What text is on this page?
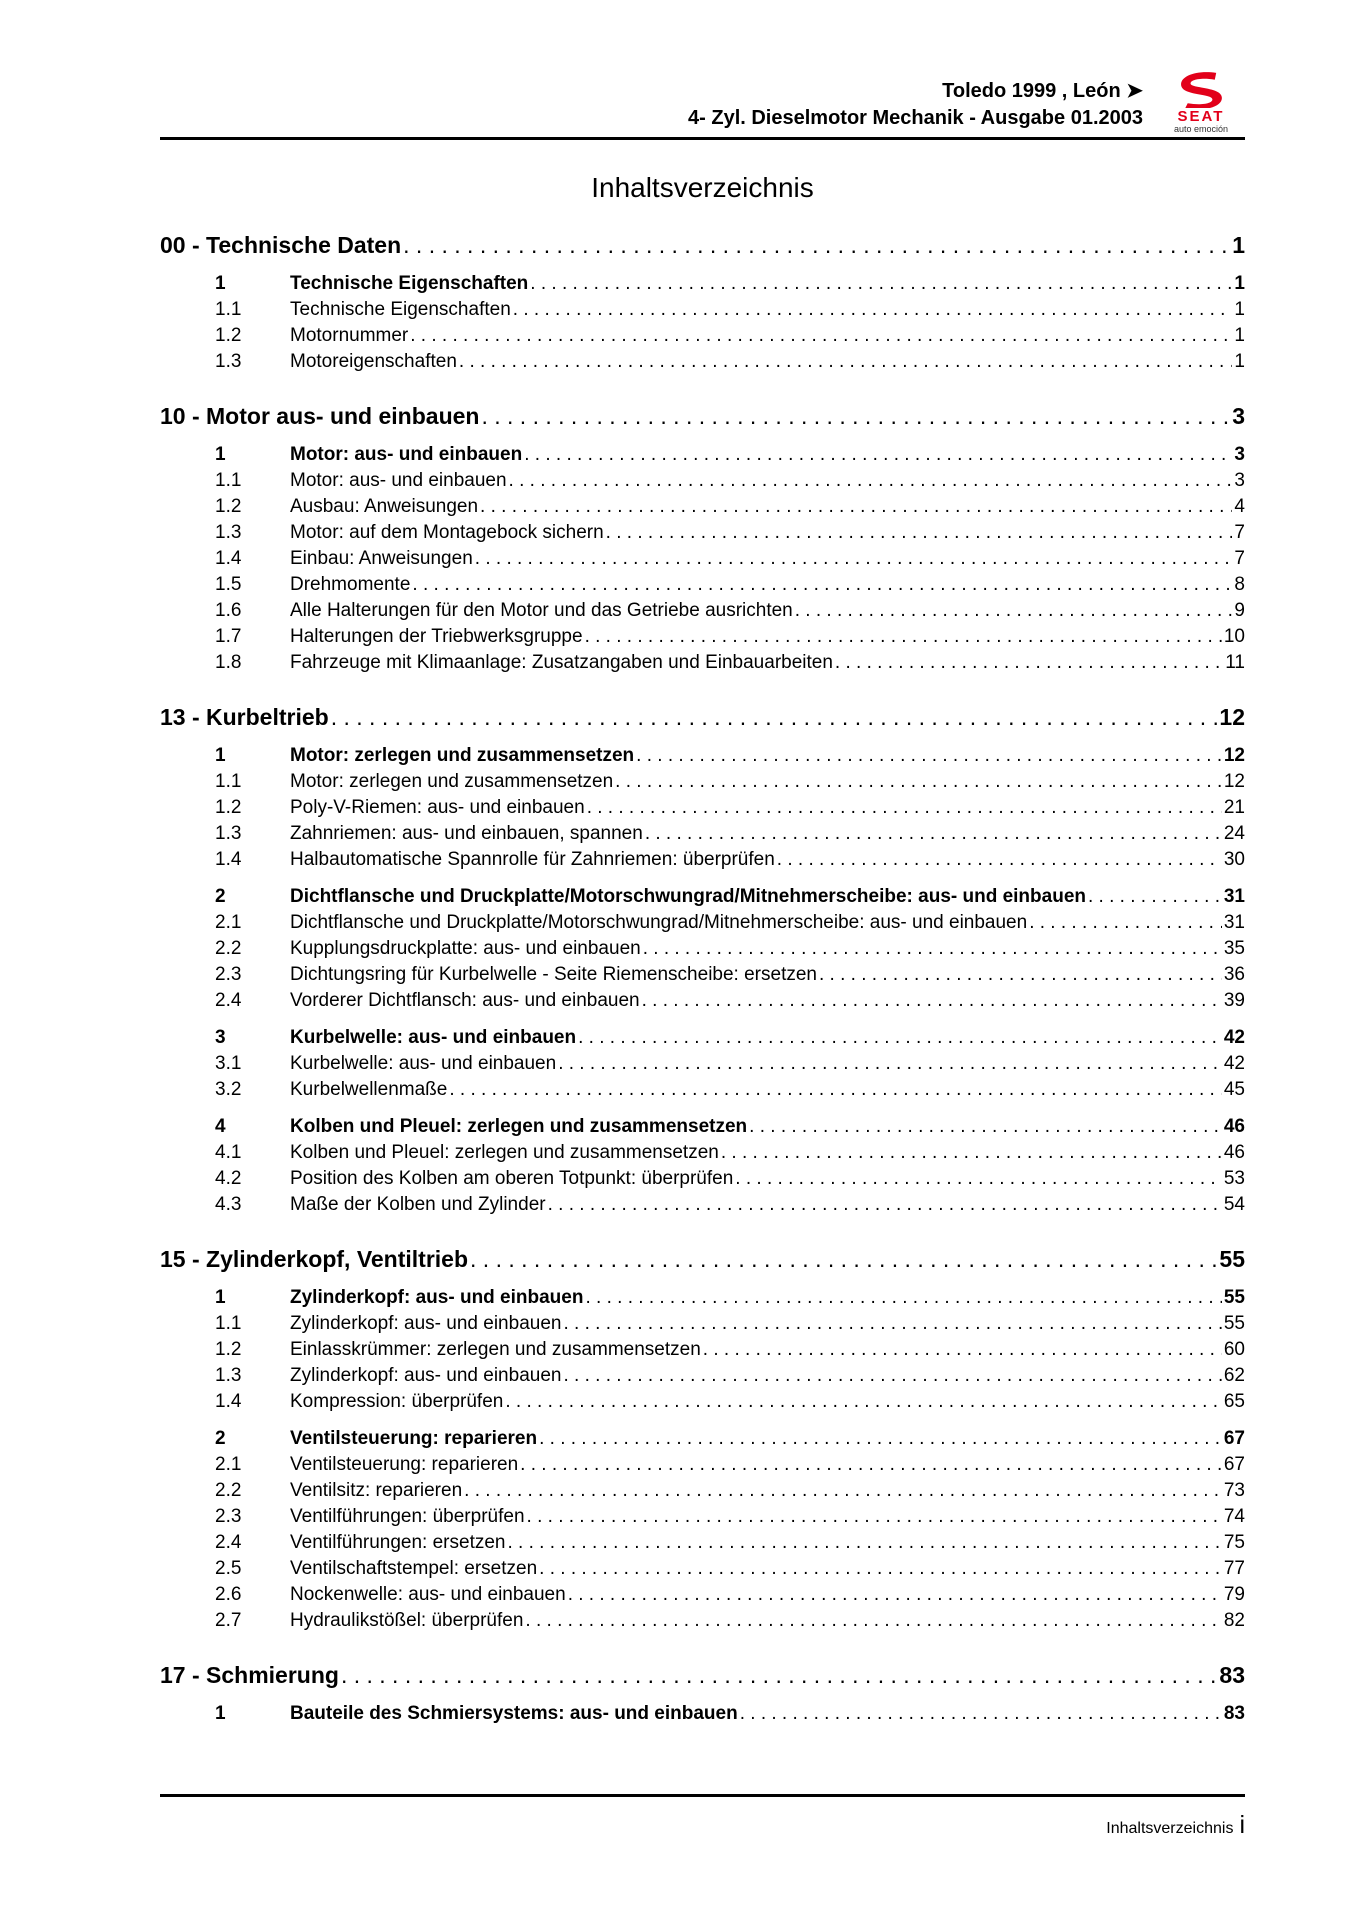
Toledo 1999 , León ➤
4- Zyl. Dieselmotor Mechanik - Ausgabe 01.2003	SEAT
auto emoción
Inhaltsverzeichnis
00 - Technische Daten . . .	1
1	Technische Eigenschaften . . .	1
1.1	Technische Eigenschaften . . .	1
1.2	Motornummer . . .	1
1.3	Motoreigenschaften . . .	1
10 - Motor aus- und einbauen . . .	3
1	Motor: aus- und einbauen . . .	3
1.1	Motor: aus- und einbauen . . .	3
1.2	Ausbau: Anweisungen . . .	4
1.3	Motor: auf dem Montagebock sichern . . .	7
1.4	Einbau: Anweisungen . . .	7
1.5	Drehmomente . . .	8
1.6	Alle Halterungen für den Motor und das Getriebe ausrichten . . .	9
1.7	Halterungen der Triebwerksgruppe . . .	10
1.8	Fahrzeuge mit Klimaanlage: Zusatzangaben und Einbauarbeiten . . .	11
13 - Kurbeltrieb . . .	12
1	Motor: zerlegen und zusammensetzen . . .	12
1.1	Motor: zerlegen und zusammensetzen . . .	12
1.2	Poly-V-Riemen: aus- und einbauen . . .	21
1.3	Zahnriemen: aus- und einbauen, spannen . . .	24
1.4	Halbautomatische Spannrolle für Zahnriemen: überprüfen . . .	30
2	Dichtflansche und Druckplatte/Motorschwungrad/Mitnehmerscheibe: aus- und einbauen . . .	31
2.1	Dichtflansche und Druckplatte/Motorschwungrad/Mitnehmerscheibe: aus- und einbauen . . .	31
2.2	Kupplungsdruckplatte: aus- und einbauen . . .	35
2.3	Dichtungsring für Kurbelwelle - Seite Riemenscheibe: ersetzen . . .	36
2.4	Vorderer Dichtflansch: aus- und einbauen . . .	39
3	Kurbelwelle: aus- und einbauen . . .	42
3.1	Kurbelwelle: aus- und einbauen . . .	42
3.2	Kurbelwellenmaße . . .	45
4	Kolben und Pleuel: zerlegen und zusammensetzen . . .	46
4.1	Kolben und Pleuel: zerlegen und zusammensetzen . . .	46
4.2	Position des Kolben am oberen Totpunkt: überprüfen . . .	53
4.3	Maße der Kolben und Zylinder . . .	54
15 - Zylinderkopf, Ventiltrieb . . .	55
1	Zylinderkopf: aus- und einbauen . . .	55
1.1	Zylinderkopf: aus- und einbauen . . .	55
1.2	Einlasskrümmer: zerlegen und zusammensetzen . . .	60
1.3	Zylinderkopf: aus- und einbauen . . .	62
1.4	Kompression: überprüfen . . .	65
2	Ventilsteuerung: reparieren . . .	67
2.1	Ventilsteuerung: reparieren . . .	67
2.2	Ventilsitz: reparieren . . .	73
2.3	Ventilführungen: überprüfen . . .	74
2.4	Ventilführungen: ersetzen . . .	75
2.5	Ventilschaftstempel: ersetzen . . .	77
2.6	Nockenwelle: aus- und einbauen . . .	79
2.7	Hydraulikstößel: überprüfen . . .	82
17 - Schmierung . . .	83
1	Bauteile des Schmiersystems: aus- und einbauen . . .	83
Inhaltsverzeichnis i
